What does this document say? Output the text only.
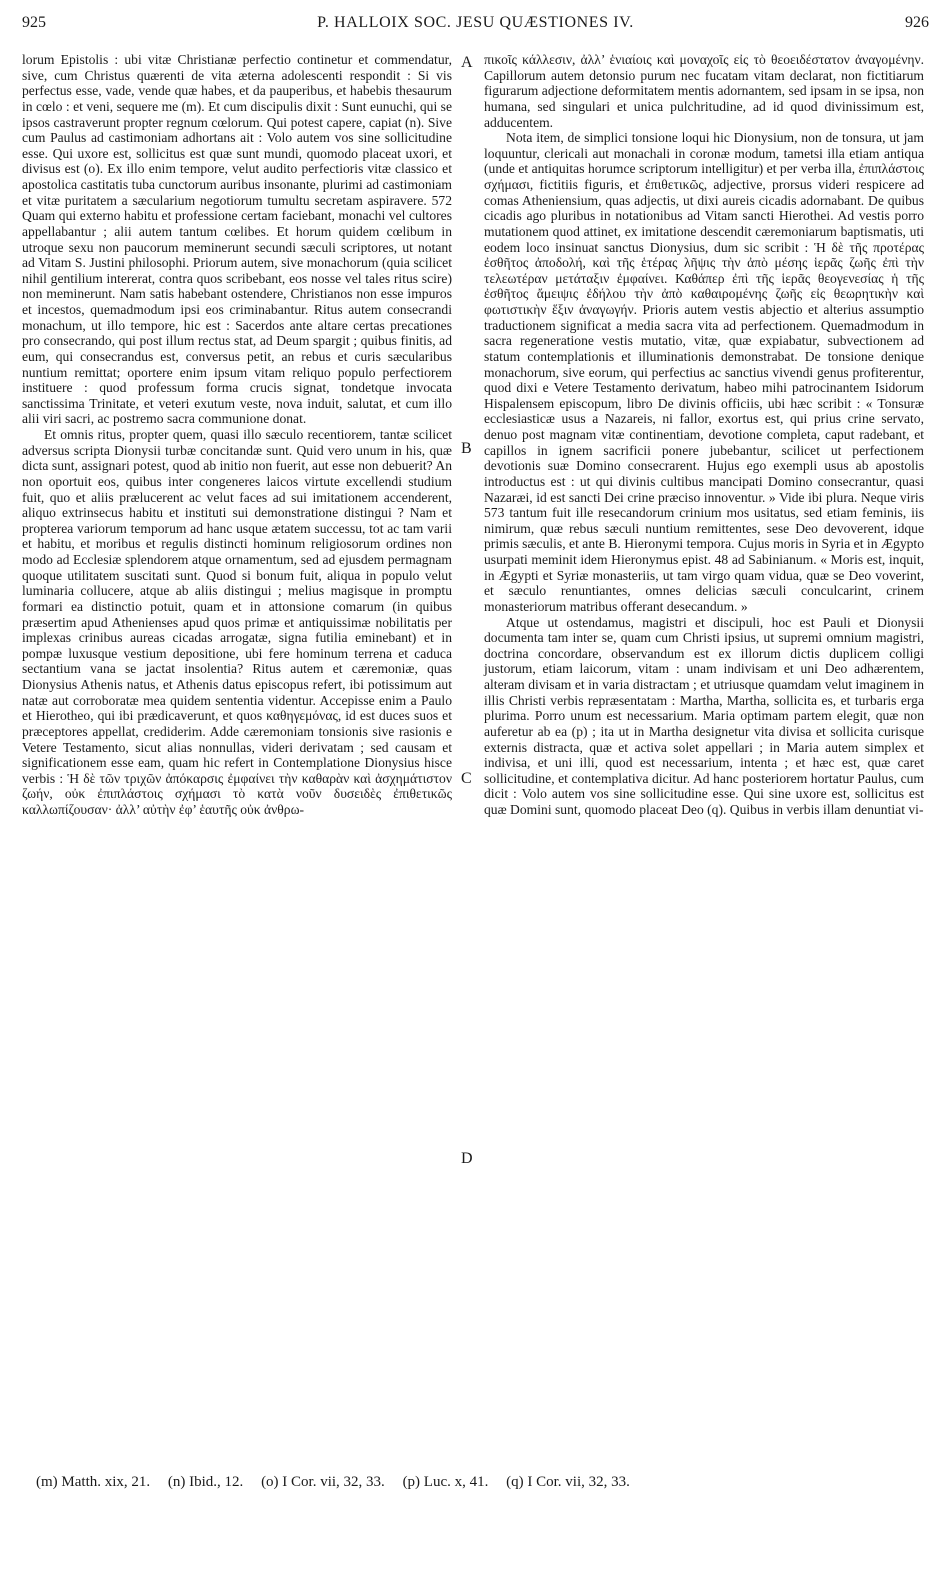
925	P. HALLOIX SOC. JESU QUÆSTIONES IV.	926

lorum Epistolis : ubi vitæ Christianæ perfectio continetur et commendatur, sive, cum Christus quærenti de vita æterna adolescenti respondit : Si vis perfectus esse, vade, vende quæ habes, et da pauperibus, et habebis thesaurum in cœlo : et veni, sequere me (m). Et cum discipulis dixit : Sunt eunuchi, qui se ipsos castraverunt propter regnum cœlorum. Qui potest capere, capiat (n). Sive cum Paulus ad castimoniam adhortans ait : Volo autem vos sine sollicitudine esse. Qui uxore est, sollicitus est quæ sunt mundi, quomodo placeat uxori, et divisus est (o). Ex illo enim tempore, velut audito perfectioris vitæ classico et apostolica castitatis tuba cunctorum auribus insonante, plurimi ad castimoniam et vitæ puritatem a sæcularium negotiorum tumultu secretam aspiravere. 572 Quam qui externo habitu et professione certam faciebant, monachi vel cultores appellabantur ; alii autem tantum cœlibes. Et horum quidem cœlibum in utroque sexu non paucorum meminerunt secundi sæculi scriptores, ut notant ad Vitam S. Justini philosophi. Priorum autem, sive monachorum (quia scilicet nihil gentilium intererat, contra quos scribebant, eos nosse vel tales ritus scire) non meminerunt. Nam satis habebant ostendere, Christianos non esse impuros et incestos, quemadmodum ipsi eos criminabantur. Ritus autem consecrandi monachum, ut illo tempore, hic est : Sacerdos ante altare certas precationes pro consecrando, qui post illum rectus stat, ad Deum spargit ; quibus finitis, ad eum, qui consecrandus est, conversus petit, an rebus et curis sæcularibus nuntium remittat; oportere enim ipsum vitam reliquo populo perfectiorem instituere : quod professum forma crucis signat, tondetque invocata sanctissima Trinitate, et veteri exutum veste, nova induit, salutat, et cum illo alii viri sacri, ac postremo sacra communione donat.

Et omnis ritus, propter quem, quasi illo sæculo recentiorem, tantæ scilicet adversus scripta Dionysii turbæ concitandæ sunt. Quid vero unum in his, quæ dicta sunt, assignari potest, quod ab initio non fuerit, aut esse non debuerit? An non oportuit eos, quibus inter congeneres laicos virtute excellendi studium fuit, quo et aliis prælucerent ac velut faces ad sui imitationem accenderent, aliquo extrinsecus habitu et instituti sui demonstratione distingui ? Nam et propterea variorum temporum ad hanc usque ætatem successu, tot ac tam varii et habitu, et moribus et regulis distincti hominum religiosorum ordines non modo ad Ecclesiæ splendorem atque ornamentum, sed ad ejusdem permagnam quoque utilitatem suscitati sunt. Quod si bonum fuit, aliqua in populo velut luminaria collucere, atque ab aliis distingui ; melius magisque in promptu formari ea distinctio potuit, quam et in attonsione comarum (in quibus præsertim apud Athenienses apud quos primæ et antiquissimæ nobilitatis per implexas crinibus aureas cicadas arrogatæ, signa futilia eminebant) et in pompæ luxusque vestium depositione, ubi fere hominum terrena et caduca sectantium vana se jactat insolentia? Ritus autem et cæremoniæ, quas Dionysius Athenis natus, et Athenis datus episcopus refert, ibi potissimum aut natæ aut corroboratæ mea quidem sententia videntur. Accepisse enim a Paulo et Hierotheo, qui ibi prædicaverunt, et quos καθηγεμόνας, id est duces suos et præceptores appellat, crediderim. Adde cæremoniam tonsionis sive rasionis e Vetere Testamento, sicut alias nonnullas, videri derivatam ; sed causam et significationem esse eam, quam hic refert in Contemplatione Dionysius hisce verbis : Ἡ δὲ τῶν τριχῶν ἀπόκαρσις ἐμφαίνει τὴν καθαρὰν καὶ ἀσχημάτιστον ζωήν, οὐκ ἐπιπλάστοις σχήμασι τὸ κατὰ νοῦν δυσειδὲς ἐπιθετικῶς καλλωπίζουσαν· ἀλλ’ αὐτὴν ἐφ’ ἑαυτῆς οὐκ ἀνθρω-

A
B
C
D

πικοῖς κάλλεσιν, ἀλλ’ ἑνιαίοις καὶ μοναχοῖς εἰς τὸ θεοειδέστατον ἀναγομένην. Capillorum autem detonsio purum nec fucatam vitam declarat, non fictitiarum figurarum adjectione deformitatem mentis adornantem, sed ipsam in se ipsa, non humana, sed singulari et unica pulchritudine, ad id quod divinissimum est, adducentem.

Nota item, de simplici tonsione loqui hic Dionysium, non de tonsura, ut jam loquuntur, clericali aut monachali in coronæ modum, tametsi illa etiam antiqua (unde et antiquitas horumce scriptorum intelligitur) et per verba illa, ἐπιπλάστοις σχήμασι, fictitiis figuris, et ἐπιθετικῶς, adjective, prorsus videri respicere ad comas Atheniensium, quas adjectis, ut dixi aureis cicadis adornabant. De quibus cicadis ago pluribus in notationibus ad Vitam sancti Hierothei. Ad vestis porro mutationem quod attinet, ex imitatione descendit cæremoniarum baptismatis, uti eodem loco insinuat sanctus Dionysius, dum sic scribit : Ἡ δὲ τῆς προτέρας ἐσθῆτος ἀποδολή, καὶ τῆς ἑτέρας λῆψις τὴν ἀπὸ μέσης ἱερᾶς ζωῆς ἐπὶ τὴν τελεωτέραν μετάταξιν ἐμφαίνει. Καθάπερ ἐπὶ τῆς ἱερᾶς θεογενεσίας ἡ τῆς ἐσθῆτος ἄμειψις ἐδήλου τὴν ἀπὸ καθαιρομένης ζωῆς εἰς θεωρητικὴν καὶ φωτιστικὴν ἕξιν ἀναγωγήν. Prioris autem vestis abjectio et alterius assumptio traductionem significat a media sacra vita ad perfectionem. Quemadmodum in sacra regeneratione vestis mutatio, vitæ, quæ expiabatur, subvectionem ad statum contemplationis et illuminationis demonstrabat. De tonsione denique monachorum, sive eorum, qui perfectius ac sanctius vivendi genus profiterentur, quod dixi e Vetere Testamento derivatum, habeo mihi patrocinantem Isidorum Hispalensem episcopum, libro De divinis officiis, ubi hæc scribit : « Tonsuræ ecclesiasticæ usus a Nazareis, ni fallor, exortus est, qui prius crine servato, denuo post magnam vitæ continentiam, devotione completa, caput radebant, et capillos in ignem sacrificii ponere jubebantur, scilicet ut perfectionem devotionis suæ Domino consecrarent. Hujus ego exempli usus ab apostolis introductus est : ut qui divinis cultibus mancipati Domino consecrantur, quasi Nazaræi, id est sancti Dei crine præciso innoventur. » Vide ibi plura. Neque viris 573 tantum fuit ille resecandorum crinium mos usitatus, sed etiam feminis, iis nimirum, quæ rebus sæculi nuntium remittentes, sese Deo devoverent, idque primis sæculis, et ante B. Hieronymi tempora. Cujus moris in Syria et in Ægypto usurpati meminit idem Hieronymus epist. 48 ad Sabinianum. « Moris est, inquit, in Ægypti et Syriæ monasteriis, ut tam virgo quam vidua, quæ se Deo voverint, et sæculo renuntiantes, omnes delicias sæculi conculcarint, crinem monasteriorum matribus offerant desecandum. »

Atque ut ostendamus, magistri et discipuli, hoc est Pauli et Dionysii documenta tam inter se, quam cum Christi ipsius, ut supremi omnium magistri, doctrina concordare, observandum est ex illorum dictis duplicem colligi justorum, etiam laicorum, vitam : unam indivisam et uni Deo adhærentem, alteram divisam et in varia distractam ; et utriusque quamdam velut imaginem in illis Christi verbis repræsentatam : Martha, Martha, sollicita es, et turbaris erga plurima. Porro unum est necessarium. Maria optimam partem elegit, quæ non auferetur ab ea (p) ; ita ut in Martha designetur vita divisa et sollicita curisque externis distracta, quæ et activa solet appellari ; in Maria autem simplex et indivisa, et uni illi, quod est necessarium, intenta ; et hæc est, quæ caret sollicitudine, et contemplativa dicitur. Ad hanc posteriorem hortatur Paulus, cum dicit : Volo autem vos sine sollicitudine esse. Qui sine uxore est, sollicitus est quæ Domini sunt, quomodo placeat Deo (q). Quibus in verbis illam denuntiat vi-

(m) Matth. xix, 21. (n) Ibid., 12. (o) I Cor. vii, 32, 33. (p) Luc. x, 41. (q) I Cor. vii, 32, 33.
